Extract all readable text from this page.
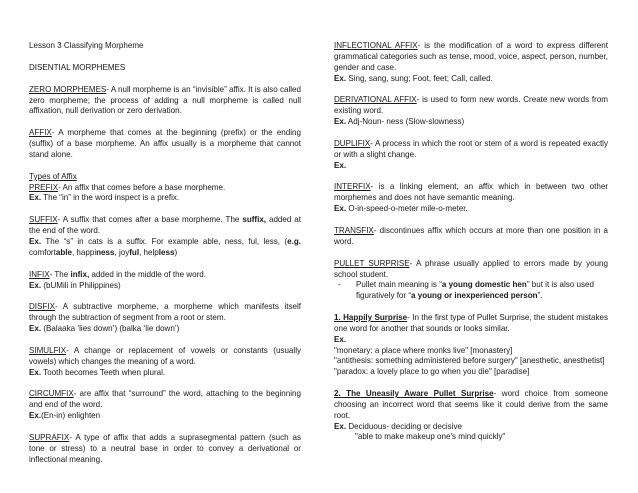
Lesson 3 Classifying Morpheme
DISENTIAL MORPHEMES
ZERO MORPHEMES- A null morpheme is an “invisible” affix. It is also called zero morpheme; the process of adding a null morpheme is called null affixation, null derivation or zero derivation.
AFFIX- A morpheme that comes at the beginning (prefix) or the ending (suffix) of a base morpheme. An affix usually is a morpheme that cannot stand alone.
Types of Affix
PREFIX- An affix that comes before a base morpheme.
Ex. The “in” in the word inspect is a prefix.
SUFFIX- A suffix that comes after a base morpheme. The suffix, added at the end of the word.
Ex. The “s” in cats is a suffix. For example able, ness, ful, less, (e.g. comfortable, happiness, joyful, helpless)
INFIX- The infix, added in the middle of the word.
Ex. (bUMili in Philippines)
DISFIX- A subtractive morpheme, a morpheme which manifests itself through the subtraction of segment from a root or stem.
Ex. (Balaaka ‘lies down’) (balka ‘lie down’)
SIMULFIX- A change or replacement of vowels or constants (usually vowels) which changes the meaning of a word.
Ex. Tooth becomes Teeth when plural.
CIRCUMFIX- are affix that “surround” the word, attaching to the beginning and end of the word.
Ex.(En-in) enlighten
SUPRAFIX- A type of affix that adds a suprasegmental pattern (such as tone or stress) to a neutral base in order to convey a derivational or inflectional meaning.
INFLECTIONAL AFFIX- is the modification of a word to express different grammatical categories such as tense, mood, voice, aspect, person, number, gender and case.
Ex. Sing, sang, sung; Foot, feet; Call, called.
DERIVATIONAL AFFIX- is used to form new words. Create new words from existing word.
Ex. Adj-Noun- ness (Slow-slowness)
DUPLIFIX- A process in which the root or stem of a word is repeated exactly or with a slight change.
Ex.
INTERFIX- is a linking element, an affix which in between two other morphemes and does not have semantic meaning.
Ex. O-in-speed-o-meter mile-o-meter.
TRANSFIX- discontinues affix which occurs at more than one position in a word.
PULLET SURPRISE- A phrase usually applied to errors made by young school student.
- Pullet main meaning is “a young domestic hen” but it is also used figuratively for “a young or inexperienced person”.
1. Happily Surprise- In the first type of Pullet Surprise, the student mistakes one word for another that sounds or looks similar.
Ex.
"monetary: a place where monks live" [monastery]
"antithesis: something administered before surgery" [anesthetic, anesthetist]
"paradox: a lovely place to go when you die" [paradise]
2. The Uneasily Aware Pullet Surprise- word choice from someone choosing an incorrect word that seems like it could derive from the same root.
Ex. Deciduous- deciding or decisive
"able to make makeup one's mind quickly"
